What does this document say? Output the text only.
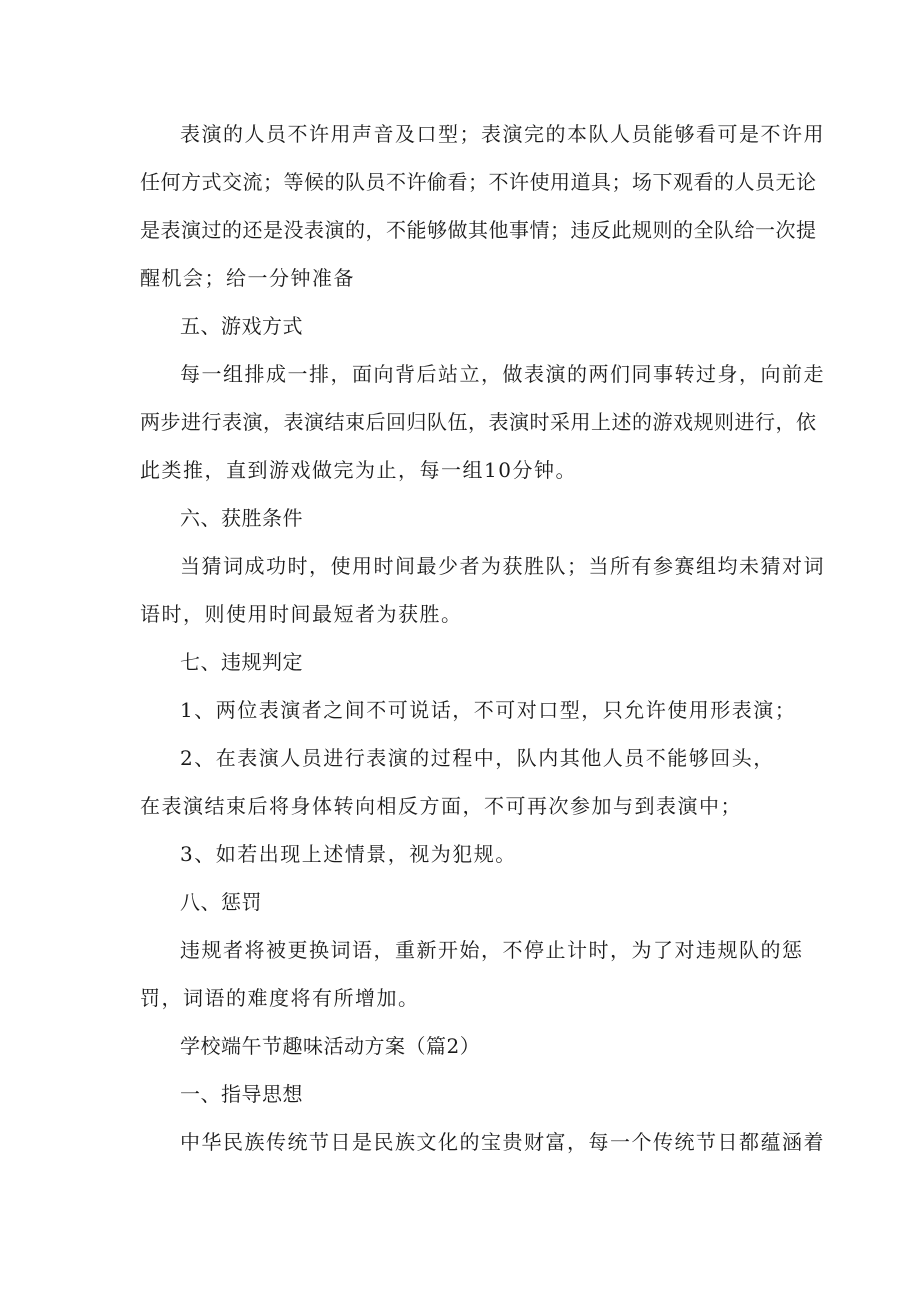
表演的人员不许用声音及口型；表演完的本队人员能够看可是不许用
任何方式交流；等候的队员不许偷看；不许使用道具；场下观看的人员无论
是表演过的还是没表演的，不能够做其他事情；违反此规则的全队给一次提
醒机会；给一分钟准备
五、游戏方式
每一组排成一排，面向背后站立，做表演的两们同事转过身，向前走
两步进行表演，表演结束后回归队伍，表演时采用上述的游戏规则进行，依
此类推，直到游戏做完为止，每一组10分钟。
六、获胜条件
当猜词成功时，使用时间最少者为获胜队；当所有参赛组均未猜对词
语时，则使用时间最短者为获胜。
七、违规判定
1、两位表演者之间不可说话，不可对口型，只允许使用形表演；
2、在表演人员进行表演的过程中，队内其他人员不能够回头，
在表演结束后将身体转向相反方面，不可再次参加与到表演中；
3、如若出现上述情景，视为犯规。
八、惩罚
违规者将被更换词语，重新开始，不停止计时，为了对违规队的惩
罚，词语的难度将有所增加。
学校端午节趣味活动方案（篇2）
一、指导思想
中华民族传统节日是民族文化的宝贵财富，每一个传统节日都蕴涵着
